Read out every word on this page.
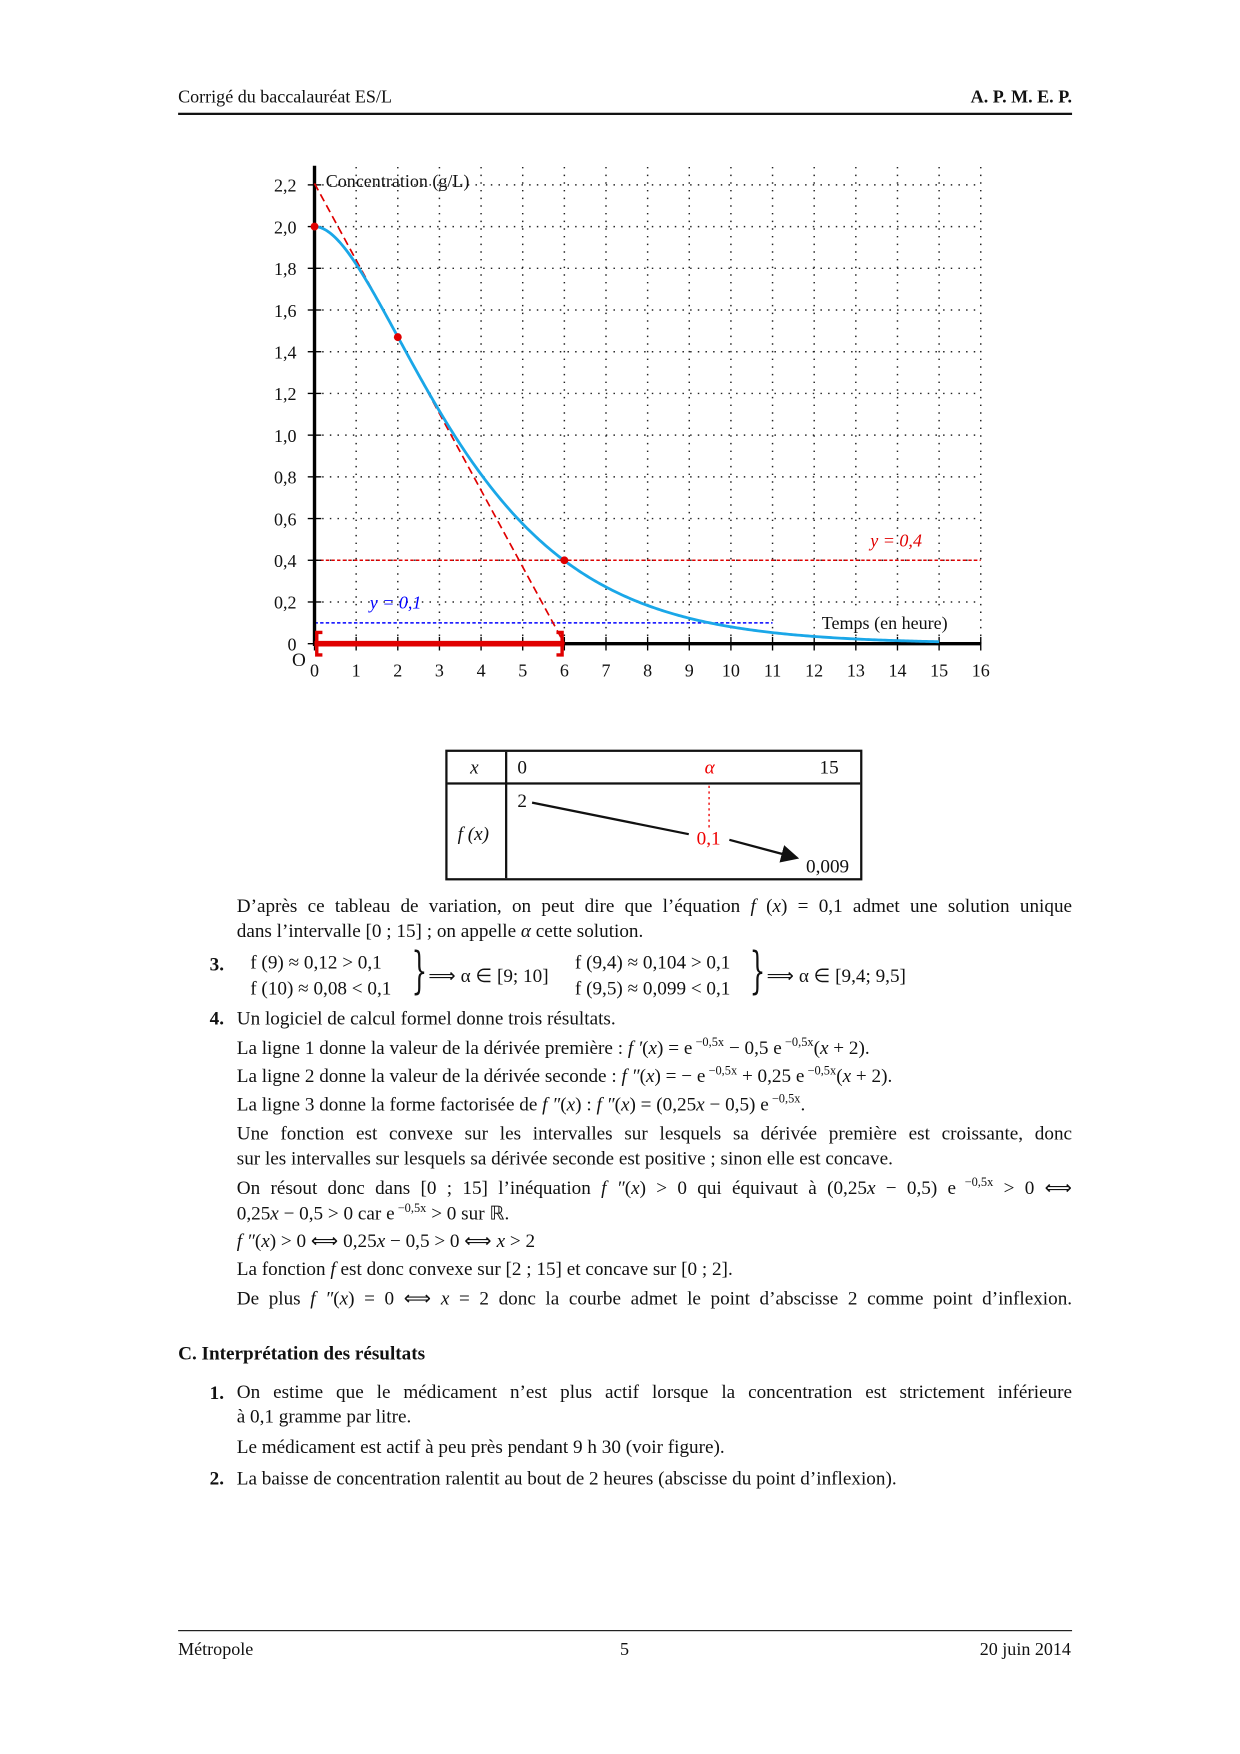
Corrigé du baccalauréat ES/L	A. P. M. E. P.
0 1 2 3 4 5 6 7 8 9 10 11 12 13 14 15 16
0
0,2
0,4
0,6
0,8
1,0
1,2
1,4
1,6
1,8
2,0
2,2 Concentration (g/L)
Temps (en heure)
y = 0,4
y = 0,1
O
x 0	α	15
f (x)
2
0,1
0,009
D’après ce tableau de variation, on peut dire que l’équation f (x) = 0,1 admet une solution unique
dans l’intervalle [0 ; 15] ; on appelle α cette solution.
3. f (9) ≈ 0,12 > 0,1
f (10) ≈ 0,08 < 0,1 } ⟹ α ∈ [9; 10]
f (9,4) ≈ 0,104 > 0,1
f (9,5) ≈ 0,099 < 0,1 } ⟹ α ∈ [9,4; 9,5]
4. Un logiciel de calcul formel donne trois résultats.
La ligne 1 donne la valeur de la dérivée première : f ′(x) = e $^{-0,5x}$ − 0,5 e $^{-0,5x}$(x + 2).
La ligne 2 donne la valeur de la dérivée seconde : f ″(x) = − e $^{-0,5x}$ + 0,25 e $^{-0,5x}$(x + 2).
La ligne 3 donne la forme factorisée de f ″(x) : f ″(x) = (0,25x − 0,5) e $^{-0,5x}$.
Une fonction est convexe sur les intervalles sur lesquels sa dérivée première est croissante, donc
sur les intervalles sur lesquels sa dérivée seconde est positive ; sinon elle est concave.
On résout donc dans [0 ; 15] l’inéquation f ″(x) > 0 qui équivaut à (0,25x − 0,5) e $^{-0,5x}$ > 0 ⟺
0,25x − 0,5 > 0 car e $^{-0,5x}$ > 0 sur ℝ.
f ″(x) > 0 ⟺ 0,25x − 0,5 > 0 ⟺ x > 2
La fonction f est donc convexe sur [2 ; 15] et concave sur [0 ; 2].
De plus f ″(x) = 0 ⟺ x = 2 donc la courbe admet le point d’abscisse 2 comme point d’inflexion.
C. Interprétation des résultats
1. On estime que le médicament n’est plus actif lorsque la concentration est strictement inférieure
à 0,1 gramme par litre.
Le médicament est actif à peu près pendant 9 h 30 (voir figure).
2. La baisse de concentration ralentit au bout de 2 heures (abscisse du point d’inflexion).
Métropole	5	20 juin 2014
